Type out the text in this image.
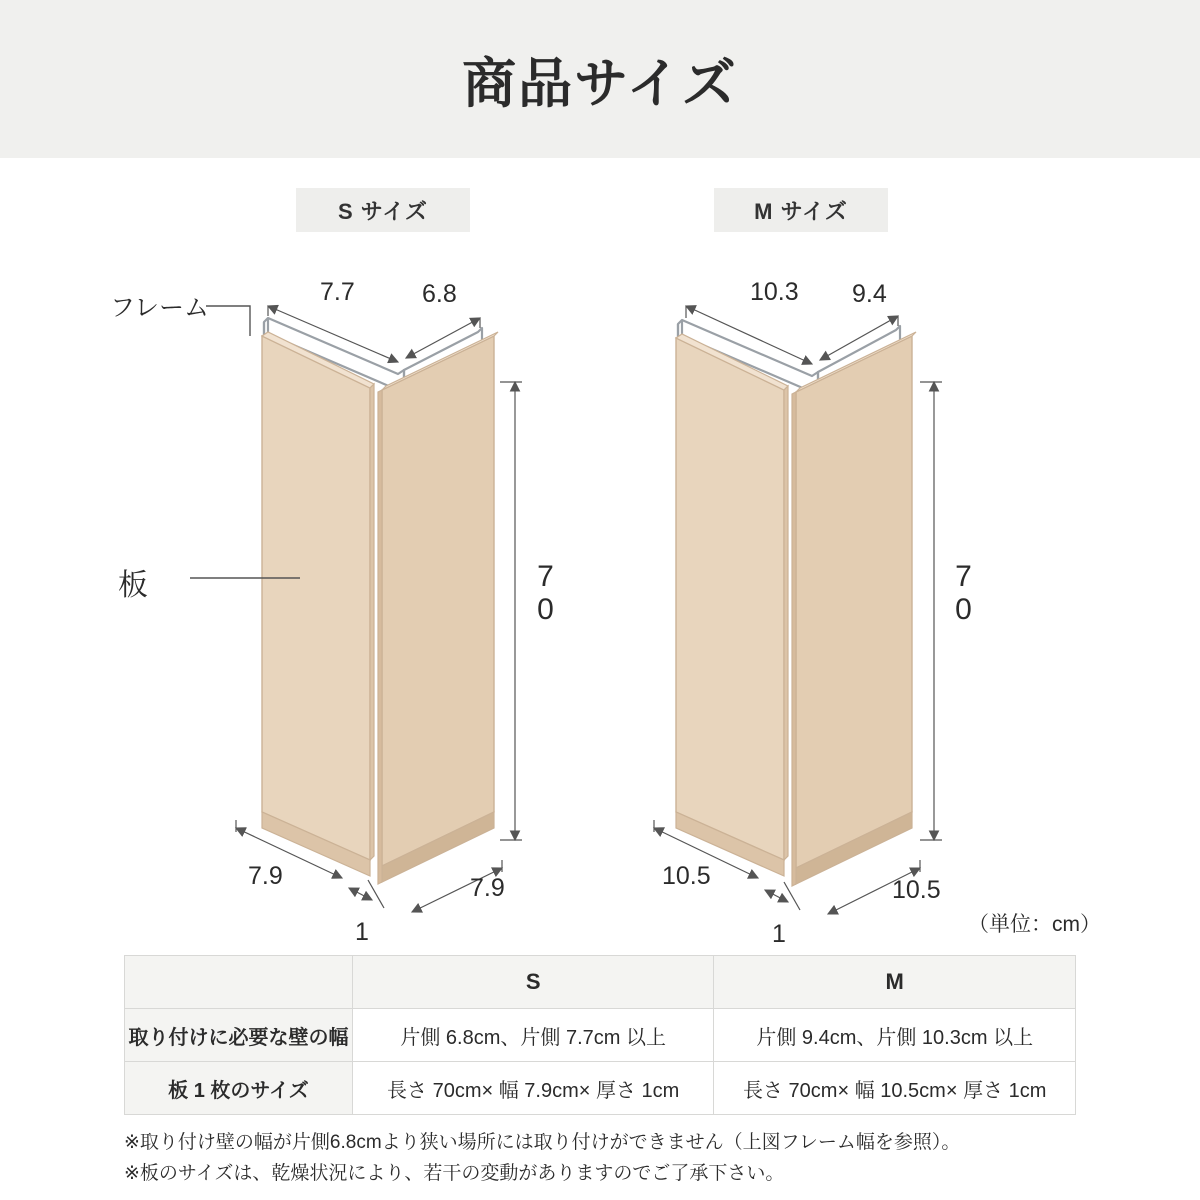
商品サイズ
S サイズ	M サイズ
フレーム
板
7.7	6.8
70
7.9	7.9
1
10.3 9.4
70
10.5	10.5
1	（単位：cm）
	S	M
取り付けに必要な壁の幅	片側 6.8cm、片側 7.7cm 以上	片側 9.4cm、片側 10.3cm 以上
板 1 枚のサイズ	長さ 70cm× 幅 7.9cm× 厚さ 1cm	長さ 70cm× 幅 10.5cm× 厚さ 1cm
※取り付け壁の幅が片側6.8cmより狭い場所には取り付けができません（上図フレーム幅を参照）。
※板のサイズは、乾燥状況により、若干の変動がありますのでご了承下さい。
